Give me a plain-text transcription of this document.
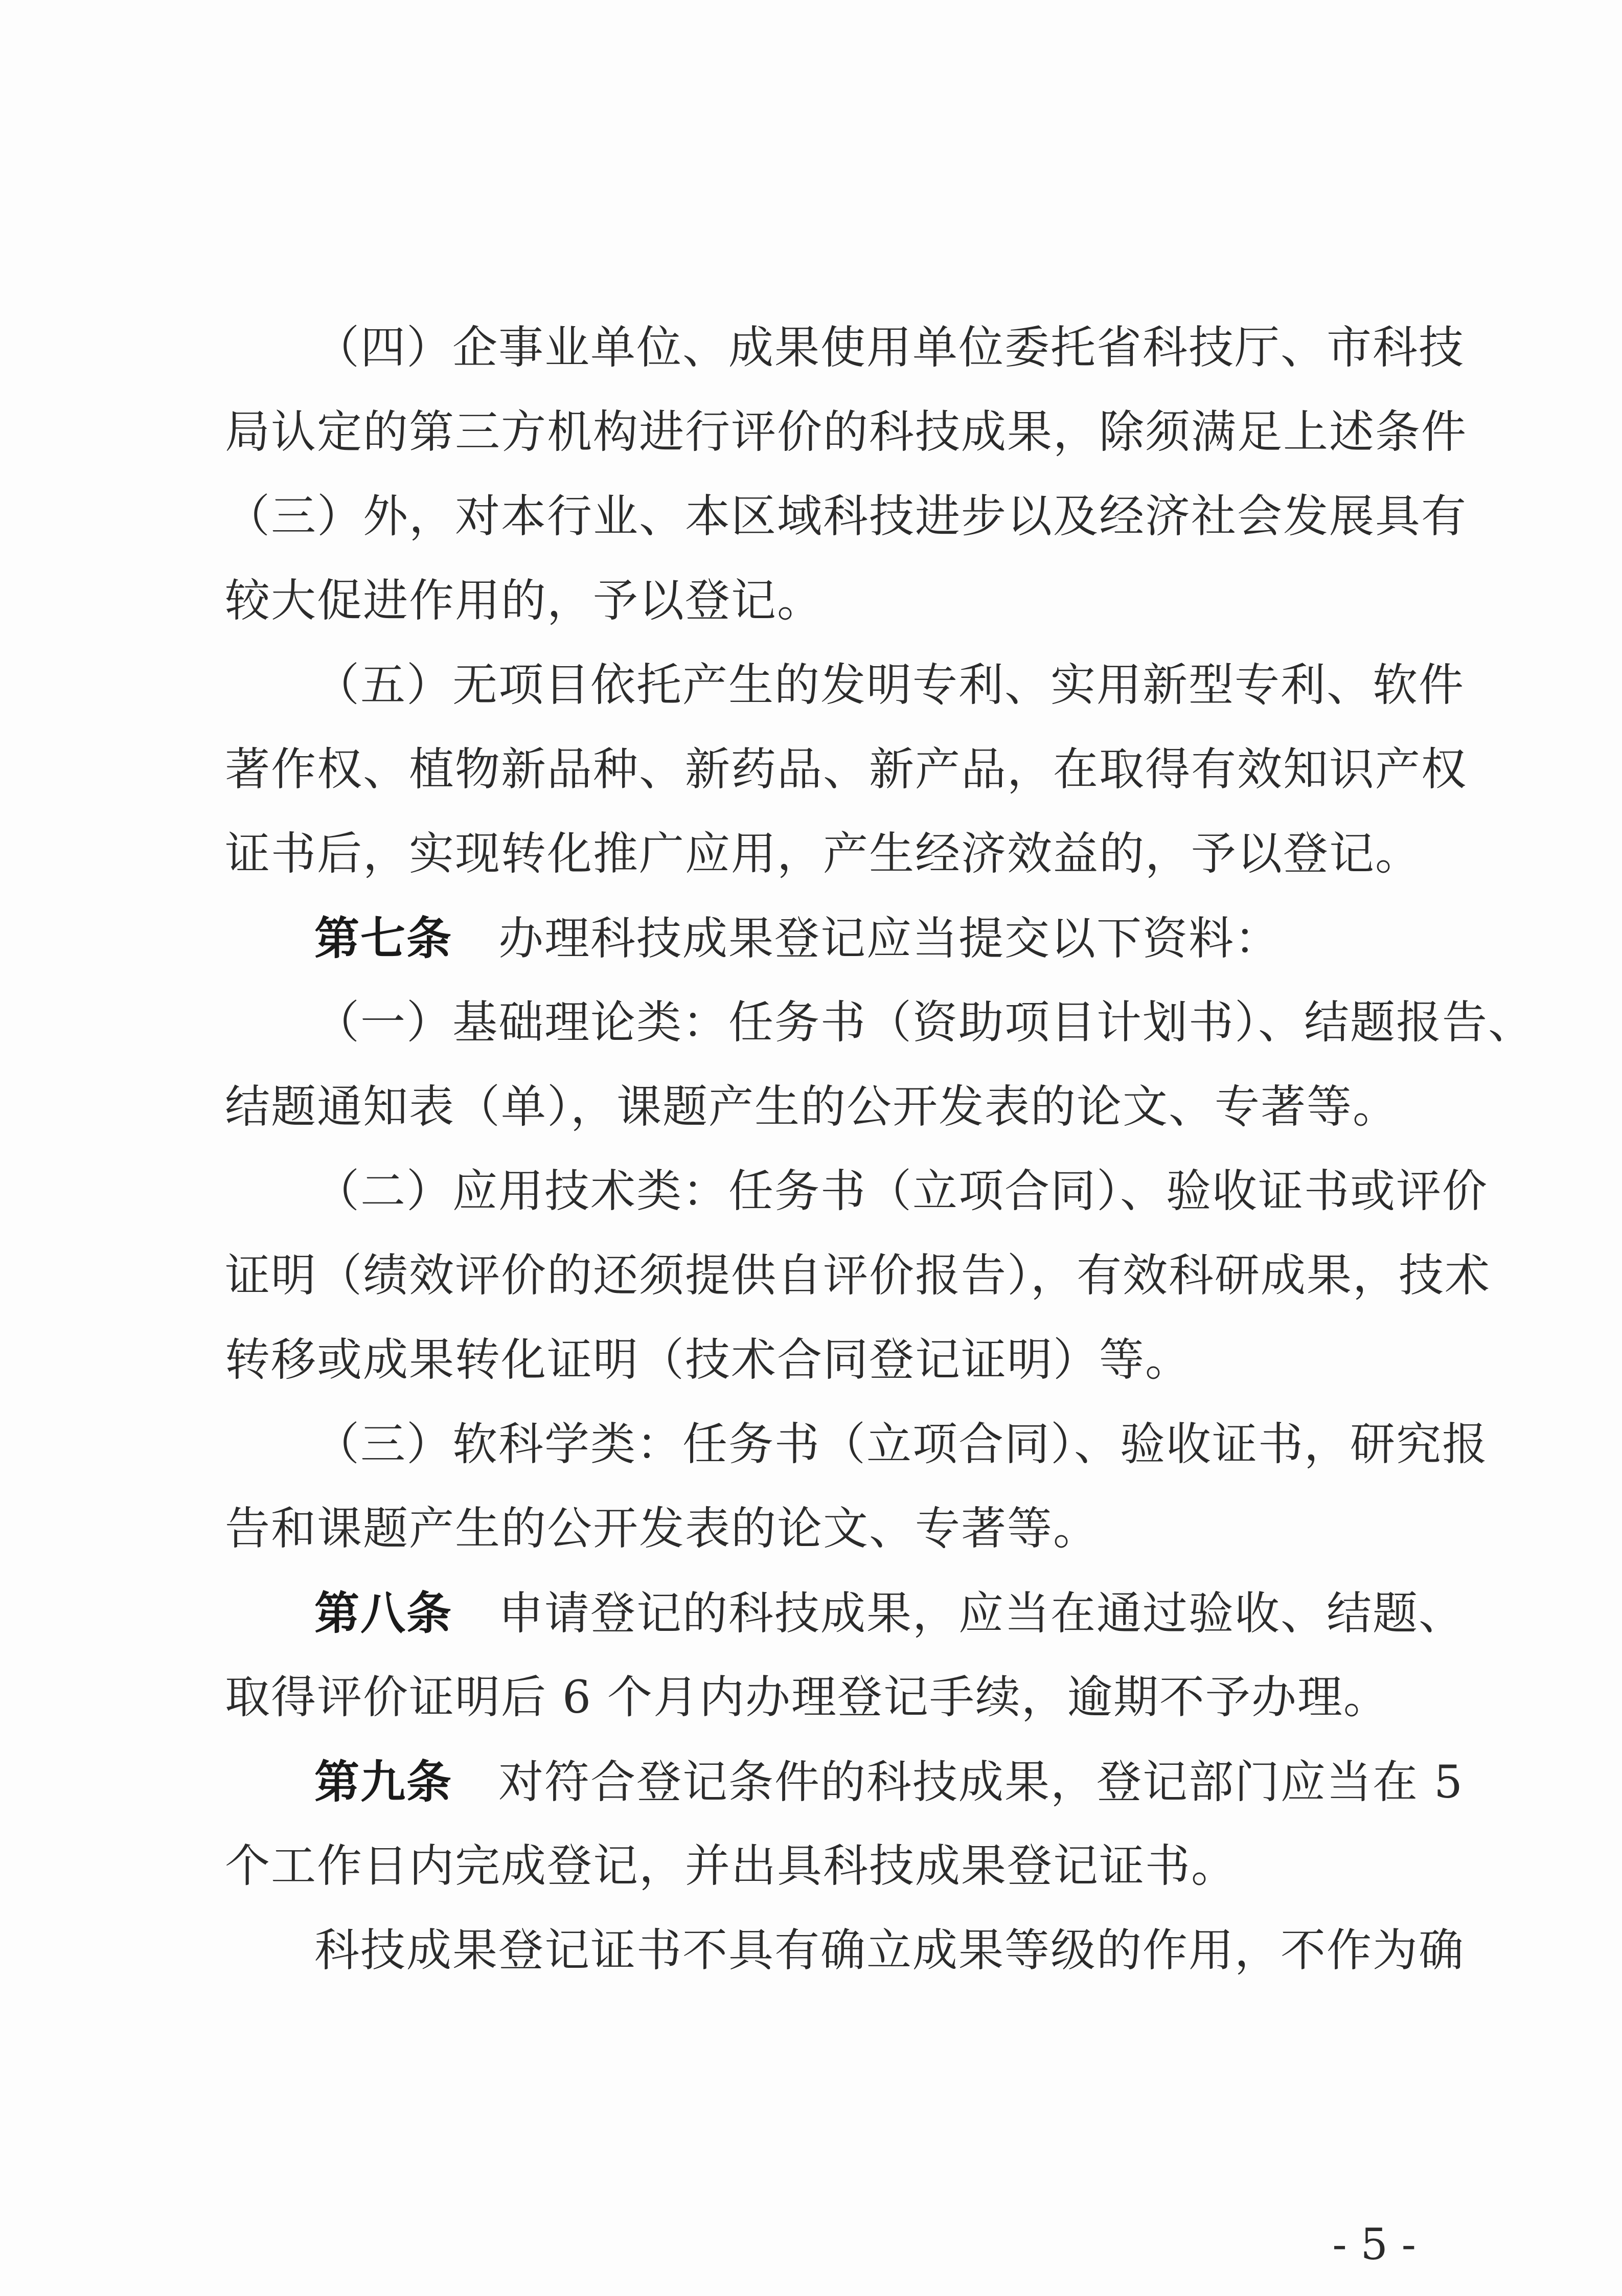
（四）企事业单位、成果使用单位委托省科技厅、市科技
局认定的第三方机构进行评价的科技成果，除须满足上述条件
（三）外，对本行业、本区域科技进步以及经济社会发展具有
较大促进作用的，予以登记。
（五）无项目依托产生的发明专利、实用新型专利、软件
著作权、植物新品种、新药品、新产品，在取得有效知识产权
证书后，实现转化推广应用，产生经济效益的，予以登记。
第七条 办理科技成果登记应当提交以下资料：
（一）基础理论类：任务书（资助项目计划书）、结题报告、
结题通知表（单），课题产生的公开发表的论文、专著等。
（二）应用技术类：任务书（立项合同）、验收证书或评价
证明（绩效评价的还须提供自评价报告），有效科研成果，技术
转移或成果转化证明（技术合同登记证明）等。
（三）软科学类：任务书（立项合同）、验收证书，研究报
告和课题产生的公开发表的论文、专著等。
第八条 申请登记的科技成果，应当在通过验收、结题、
取得评价证明后 6 个月内办理登记手续，逾期不予办理。
第九条 对符合登记条件的科技成果，登记部门应当在 5
个工作日内完成登记，并出具科技成果登记证书。
科技成果登记证书不具有确立成果等级的作用，不作为确
- 5 -
